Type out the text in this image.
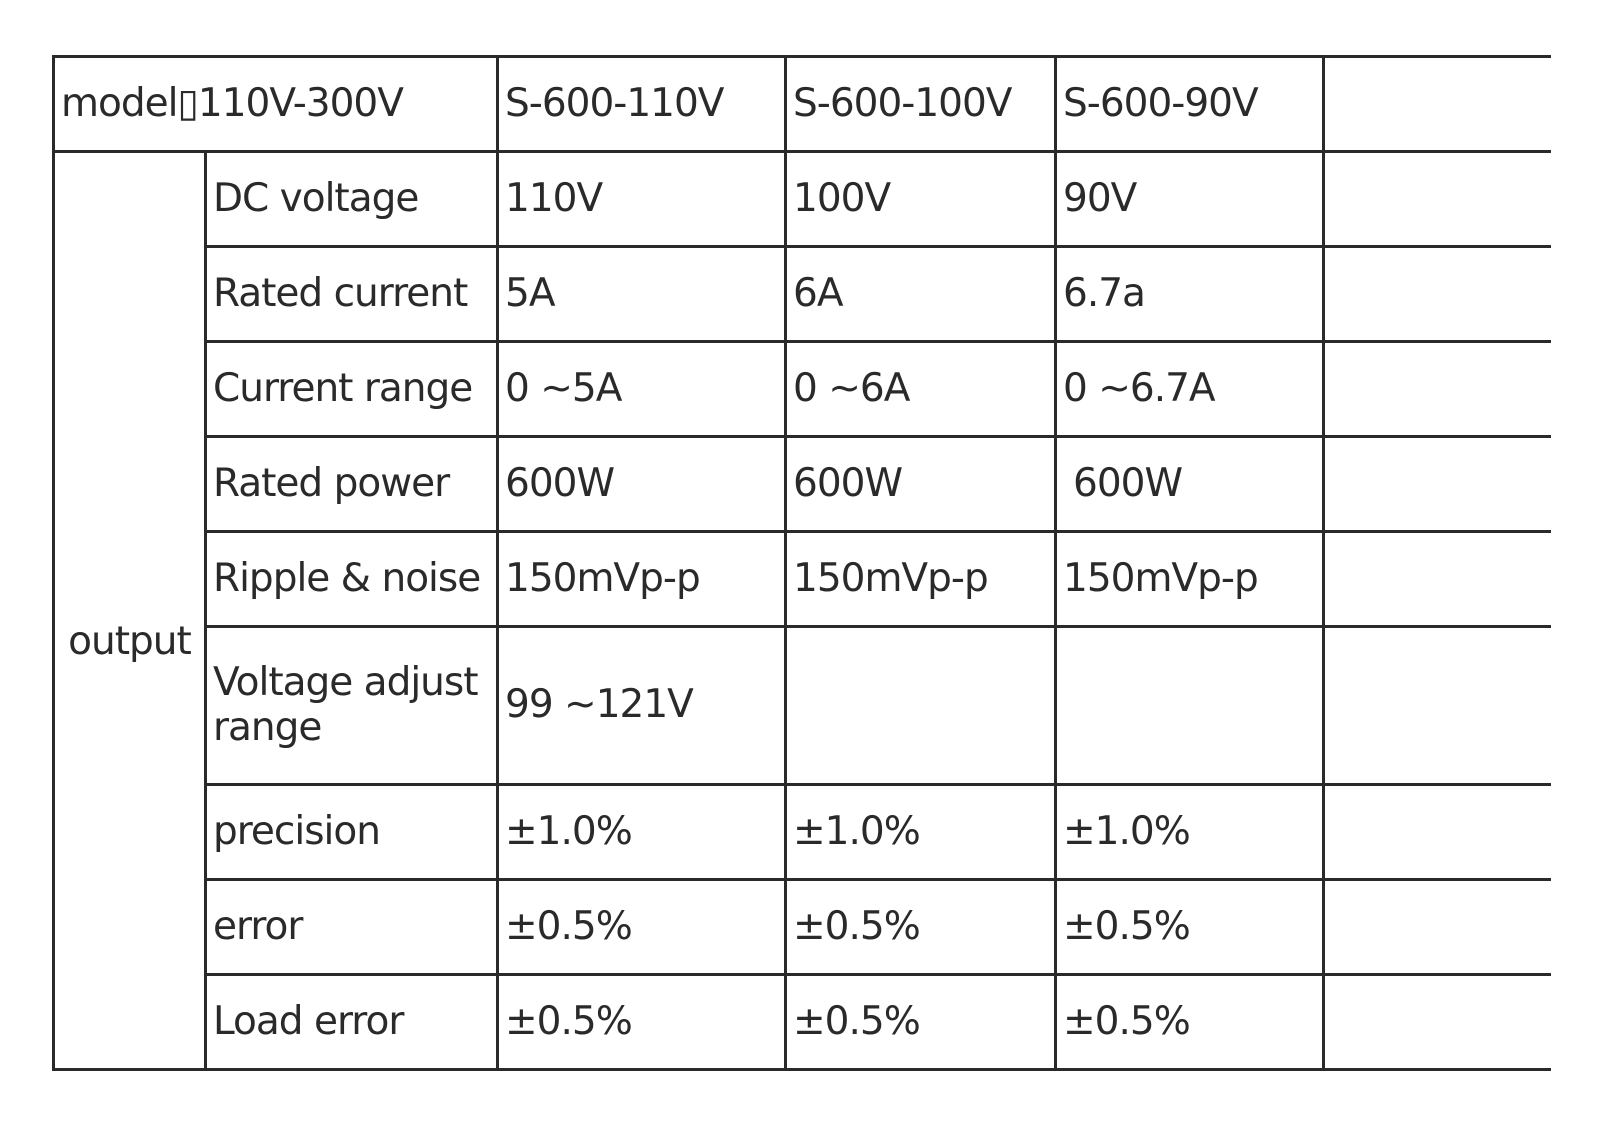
model▯110V-300V		S-600-110V	S-600-100V	S-600-90V	
output	DC voltage	110V	100V	90V	
	Rated current	5A	6A	6.7a	
	Current range	0 ~5A	0 ~6A	0 ~6.7A	
	Rated power	600W	600W	600W	
	Ripple & noise	150mVp-p	150mVp-p	150mVp-p	
	Voltage adjust range	99 ~121V			
	precision	±1.0%	±1.0%	±1.0%	
	error	±0.5%	±0.5%	±0.5%	
	Load error	±0.5%	±0.5%	±0.5%	
